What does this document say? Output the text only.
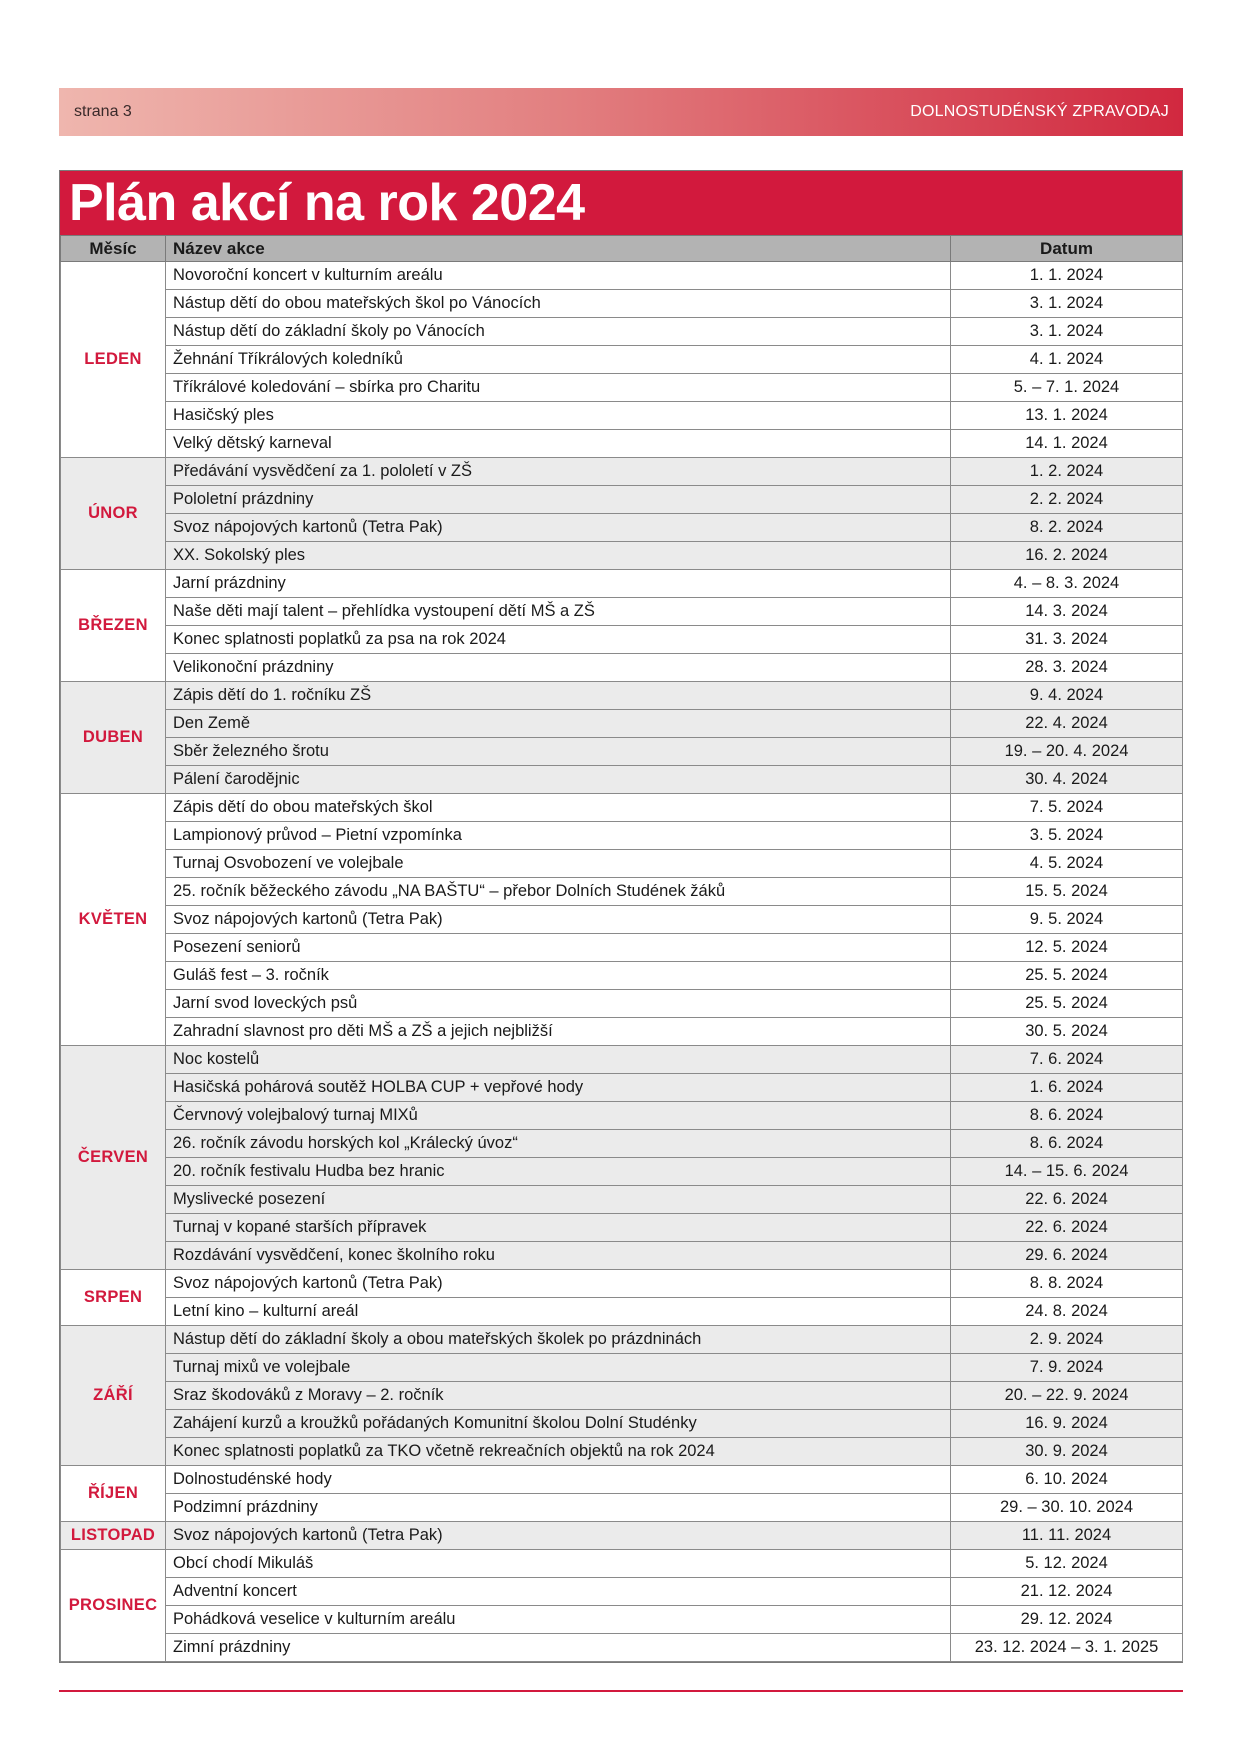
strana 3	DOLNOSTUDÉNSKÝ ZPRAVODAJ
Plán akcí na rok 2024
Měsíc	Název akce	Datum
LEDEN	Novoroční koncert v kulturním areálu	1. 1. 2024
	Nástup dětí do obou mateřských škol po Vánocích	3. 1. 2024
	Nástup dětí do základní školy po Vánocích	3. 1. 2024
	Žehnání Tříkrálových koledníků	4. 1. 2024
	Tříkrálové koledování – sbírka pro Charitu	5. – 7. 1. 2024
	Hasičský ples	13. 1. 2024
	Velký dětský karneval	14. 1. 2024
ÚNOR	Předávání vysvědčení za 1. pololetí v ZŠ	1. 2. 2024
	Pololetní prázdniny	2. 2. 2024
	Svoz nápojových kartonů (Tetra Pak)	8. 2. 2024
	XX. Sokolský ples	16. 2. 2024
BŘEZEN	Jarní prázdniny	4. – 8. 3. 2024
	Naše děti mají talent – přehlídka vystoupení dětí MŠ a ZŠ	14. 3. 2024
	Konec splatnosti poplatků za psa na rok 2024	31. 3. 2024
	Velikonoční prázdniny	28. 3. 2024
DUBEN	Zápis dětí do 1. ročníku ZŠ	9. 4. 2024
	Den Země	22. 4. 2024
	Sběr železného šrotu	19. – 20. 4. 2024
	Pálení čarodějnic	30. 4. 2024
KVĚTEN	Zápis dětí do obou mateřských škol	7. 5. 2024
	Lampionový průvod – Pietní vzpomínka	3. 5. 2024
	Turnaj Osvobození ve volejbale	4. 5. 2024
	25. ročník běžeckého závodu „NA BAŠTU“ – přebor Dolních Studének žáků	15. 5. 2024
	Svoz nápojových kartonů (Tetra Pak)	9. 5. 2024
	Posezení seniorů	12. 5. 2024
	Guláš fest – 3. ročník	25. 5. 2024
	Jarní svod loveckých psů	25. 5. 2024
	Zahradní slavnost pro děti MŠ a ZŠ a jejich nejbližší	30. 5. 2024
ČERVEN	Noc kostelů	7. 6. 2024
	Hasičská pohárová soutěž HOLBA CUP + vepřové hody	1. 6. 2024
	Červnový volejbalový turnaj MIXů	8. 6. 2024
	26. ročník závodu horských kol „Králecký úvoz“	8. 6. 2024
	20. ročník festivalu Hudba bez hranic	14. – 15. 6. 2024
	Myslivecké posezení	22. 6. 2024
	Turnaj v kopané starších přípravek	22. 6. 2024
	Rozdávání vysvědčení, konec školního roku	29. 6. 2024
SRPEN	Svoz nápojových kartonů (Tetra Pak)	8. 8. 2024
	Letní kino – kulturní areál	24. 8. 2024
ZÁŘÍ	Nástup dětí do základní školy a obou mateřských školek po prázdninách	2. 9. 2024
	Turnaj mixů ve volejbale	7. 9. 2024
	Sraz škodováků z Moravy – 2. ročník	20. – 22. 9. 2024
	Zahájení kurzů a kroužků pořádaných Komunitní školou Dolní Studénky	16. 9. 2024
	Konec splatnosti poplatků za TKO včetně rekreačních objektů na rok 2024	30. 9. 2024
ŘÍJEN	Dolnostudénské hody	6. 10. 2024
	Podzimní prázdniny	29. – 30. 10. 2024
LISTOPAD	Svoz nápojových kartonů (Tetra Pak)	11. 11. 2024
PROSINEC	Obcí chodí Mikuláš	5. 12. 2024
	Adventní koncert	21. 12. 2024
	Pohádková veselice v kulturním areálu	29. 12. 2024
	Zimní prázdniny	23. 12. 2024 – 3. 1. 2025
